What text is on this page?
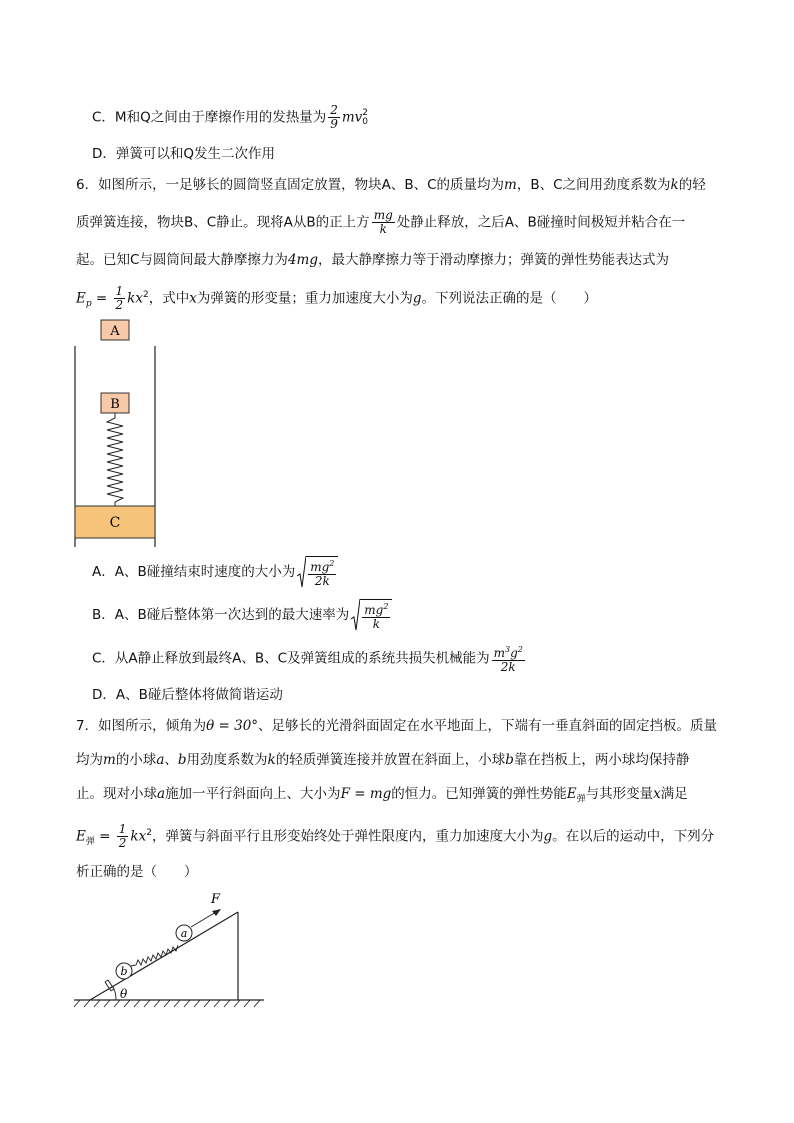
C．M和Q之间由于摩擦作用的发热量为 $\frac{2}{9}$ mv 2
0
D．弹簧可以和Q发生二次作用
6．如图所示，一足够长的圆筒竖直固定放置，物块A、B、C的质量均为m，B、C之间用劲度系数为k的轻
质弹簧连接，物块B、C静止。现将A从B的正上方 $\frac{mg}{k}$ 处静止释放，之后A、B碰撞时间极短并粘合在一
起。已知C与圆筒间最大静摩擦力为4mg，最大静摩擦力等于滑动摩擦力；弹簧的弹性势能表达式为
$E_p = \frac{1}{2} kx^2$，式中x为弹簧的形变量；重力加速度大小为g。下列说法正确的是（　　）
A
B
C
A．A、B碰撞结束时速度的大小为 $\frac{mg^2}{2k}$
B．A、B碰后整体第一次达到的最大速率为 $\frac{mg^2}{k}$
C．从A静止释放到最终A、B、C及弹簧组成的系统共损失机械能为 $\frac{m^3g^2}{2k}$
D．A、B碰后整体将做简谐运动
7．如图所示，倾角为θ = 30°、足够长的光滑斜面固定在水平地面上，下端有一垂直斜面的固定挡板。质量
均为m的小球a、b用劲度系数为k的轻质弹簧连接并放置在斜面上，小球b靠在挡板上，两小球均保持静
止。现对小球a施加一平行斜面向上、大小为F = mg的恒力。已知弹簧的弹性势能$E_弹$与其形变量x满足
$E_弹 = \frac{1}{2} kx^2$，弹簧与斜面平行且形变始终处于弹性限度内，重力加速度大小为g。在以后的运动中，下列分
析正确的是（　　）
θ
b
a
F
